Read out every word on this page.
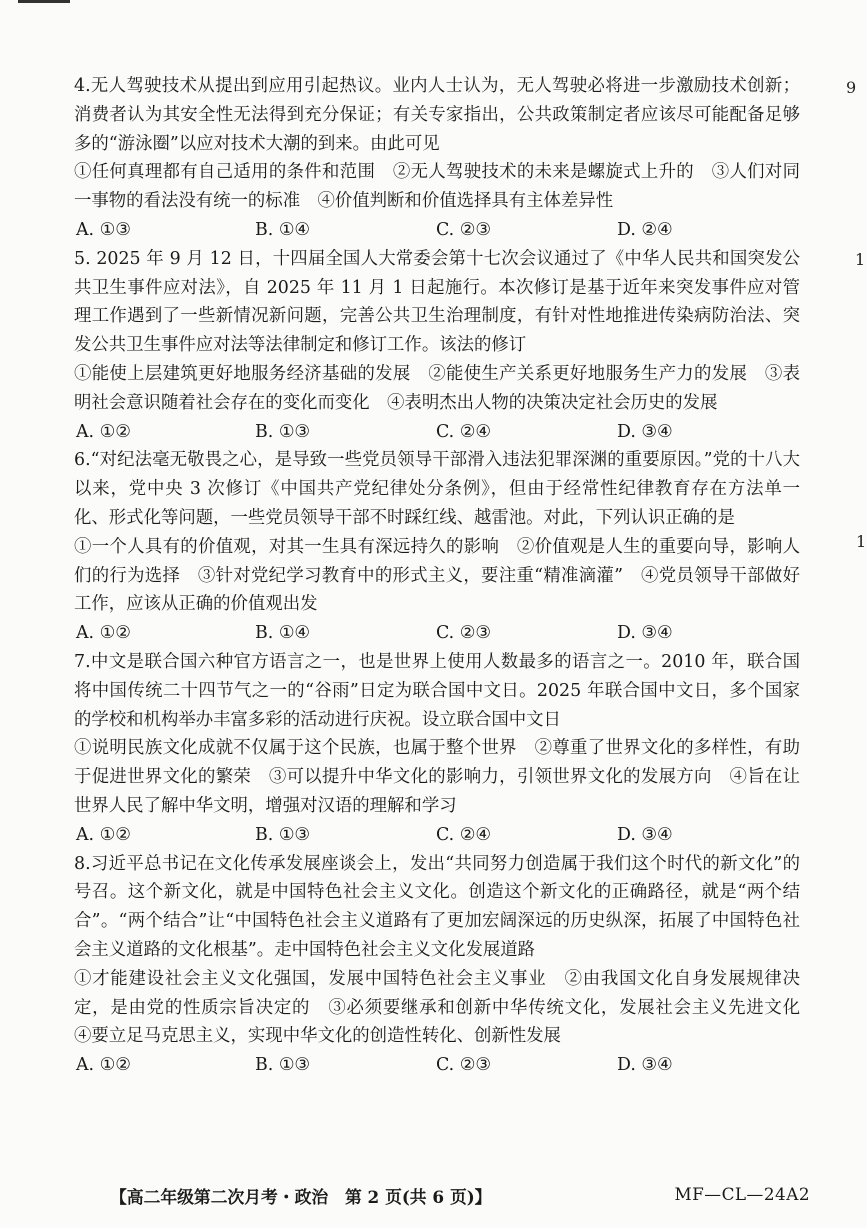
9
1
1

4.无人驾驶技术从提出到应用引起热议。业内人士认为，无人驾驶必将进一步激励技术创新；消费者认为其安全性无法得到充分保证；有关专家指出，公共政策制定者应该尽可能配备足够多的“游泳圈”以应对技术大潮的到来。由此可见

①任何真理都有自己适用的条件和范围　②无人驾驶技术的未来是螺旋式上升的　③人们对同一事物的看法没有统一的标准　④价值判断和价值选择具有主体差异性

A. ①③	B. ①④	C. ②③	D. ②④

5. 2025 年 9 月 12 日，十四届全国人大常委会第十七次会议通过了《中华人民共和国突发公共卫生事件应对法》，自 2025 年 11 月 1 日起施行。本次修订是基于近年来突发事件应对管理工作遇到了一些新情况新问题，完善公共卫生治理制度，有针对性地推进传染病防治法、突发公共卫生事件应对法等法律制定和修订工作。该法的修订

①能使上层建筑更好地服务经济基础的发展　②能使生产关系更好地服务生产力的发展　③表明社会意识随着社会存在的变化而变化　④表明杰出人物的决策决定社会历史的发展

A. ①②	B. ①③	C. ②④	D. ③④

6.“对纪法毫无敬畏之心，是导致一些党员领导干部滑入违法犯罪深渊的重要原因。”党的十八大以来，党中央 3 次修订《中国共产党纪律处分条例》，但由于经常性纪律教育存在方法单一化、形式化等问题，一些党员领导干部不时踩红线、越雷池。对此，下列认识正确的是

①一个人具有的价值观，对其一生具有深远持久的影响　②价值观是人生的重要向导，影响人们的行为选择　③针对党纪学习教育中的形式主义，要注重“精准滴灌”　④党员领导干部做好工作，应该从正确的价值观出发

A. ①②	B. ①④	C. ②③	D. ③④

7.中文是联合国六种官方语言之一，也是世界上使用人数最多的语言之一。2010 年，联合国将中国传统二十四节气之一的“谷雨”日定为联合国中文日。2025 年联合国中文日，多个国家的学校和机构举办丰富多彩的活动进行庆祝。设立联合国中文日

①说明民族文化成就不仅属于这个民族，也属于整个世界　②尊重了世界文化的多样性，有助于促进世界文化的繁荣　③可以提升中华文化的影响力，引领世界文化的发展方向　④旨在让世界人民了解中华文明，增强对汉语的理解和学习

A. ①②	B. ①③	C. ②④	D. ③④

8.习近平总书记在文化传承发展座谈会上，发出“共同努力创造属于我们这个时代的新文化”的号召。这个新文化，就是中国特色社会主义文化。创造这个新文化的正确路径，就是“两个结合”。“两个结合”让“中国特色社会主义道路有了更加宏阔深远的历史纵深，拓展了中国特色社会主义道路的文化根基”。走中国特色社会主义文化发展道路

①才能建设社会主义文化强国，发展中国特色社会主义事业　②由我国文化自身发展规律决定，是由党的性质宗旨决定的　③必须要继承和创新中华传统文化，发展社会主义先进文化　④要立足马克思主义，实现中华文化的创造性转化、创新性发展

A. ①②	B. ①③	C. ②③	D. ③④
【高二年级第二次月考・政治　第 2 页(共 6 页)】	MF—CL—24A2
